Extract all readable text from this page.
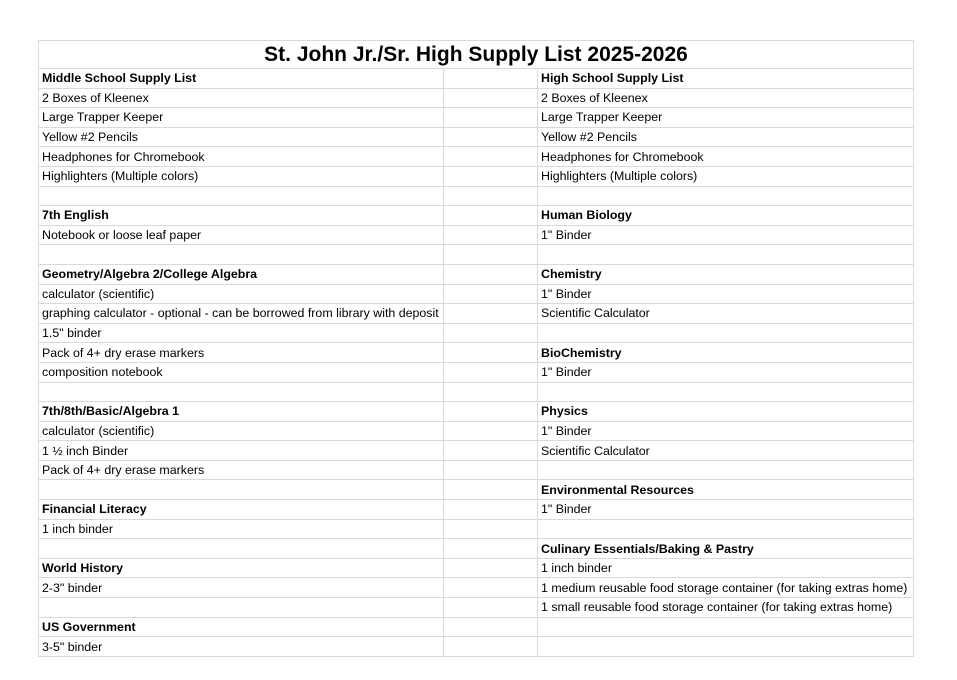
St. John Jr./Sr. High Supply List 2025-2026		
Middle School Supply List		High School Supply List
2 Boxes of Kleenex		2 Boxes of Kleenex
Large Trapper Keeper		Large Trapper Keeper
Yellow #2 Pencils		Yellow #2 Pencils
Headphones for Chromebook		Headphones for Chromebook
Highlighters (Multiple colors)		Highlighters (Multiple colors)

7th English		Human Biology
Notebook or loose leaf paper		1" Binder

Geometry/Algebra 2/College Algebra		Chemistry
calculator (scientific)		1" Binder
graphing calculator - optional - can be borrowed from library with deposit		Scientific Calculator
1.5" binder		
Pack of 4+ dry erase markers		BioChemistry
composition notebook		1" Binder

7th/8th/Basic/Algebra 1		Physics
calculator (scientific)		1" Binder
1 ½ inch Binder		Scientific Calculator
Pack of 4+ dry erase markers		
		Environmental Resources
Financial Literacy		1" Binder
1 inch binder		
		Culinary Essentials/Baking & Pastry
World History		1 inch binder
2-3" binder		1 medium reusable food storage container (for taking extras home)
		1 small reusable food storage container (for taking extras home)
US Government		
3-5" binder		
